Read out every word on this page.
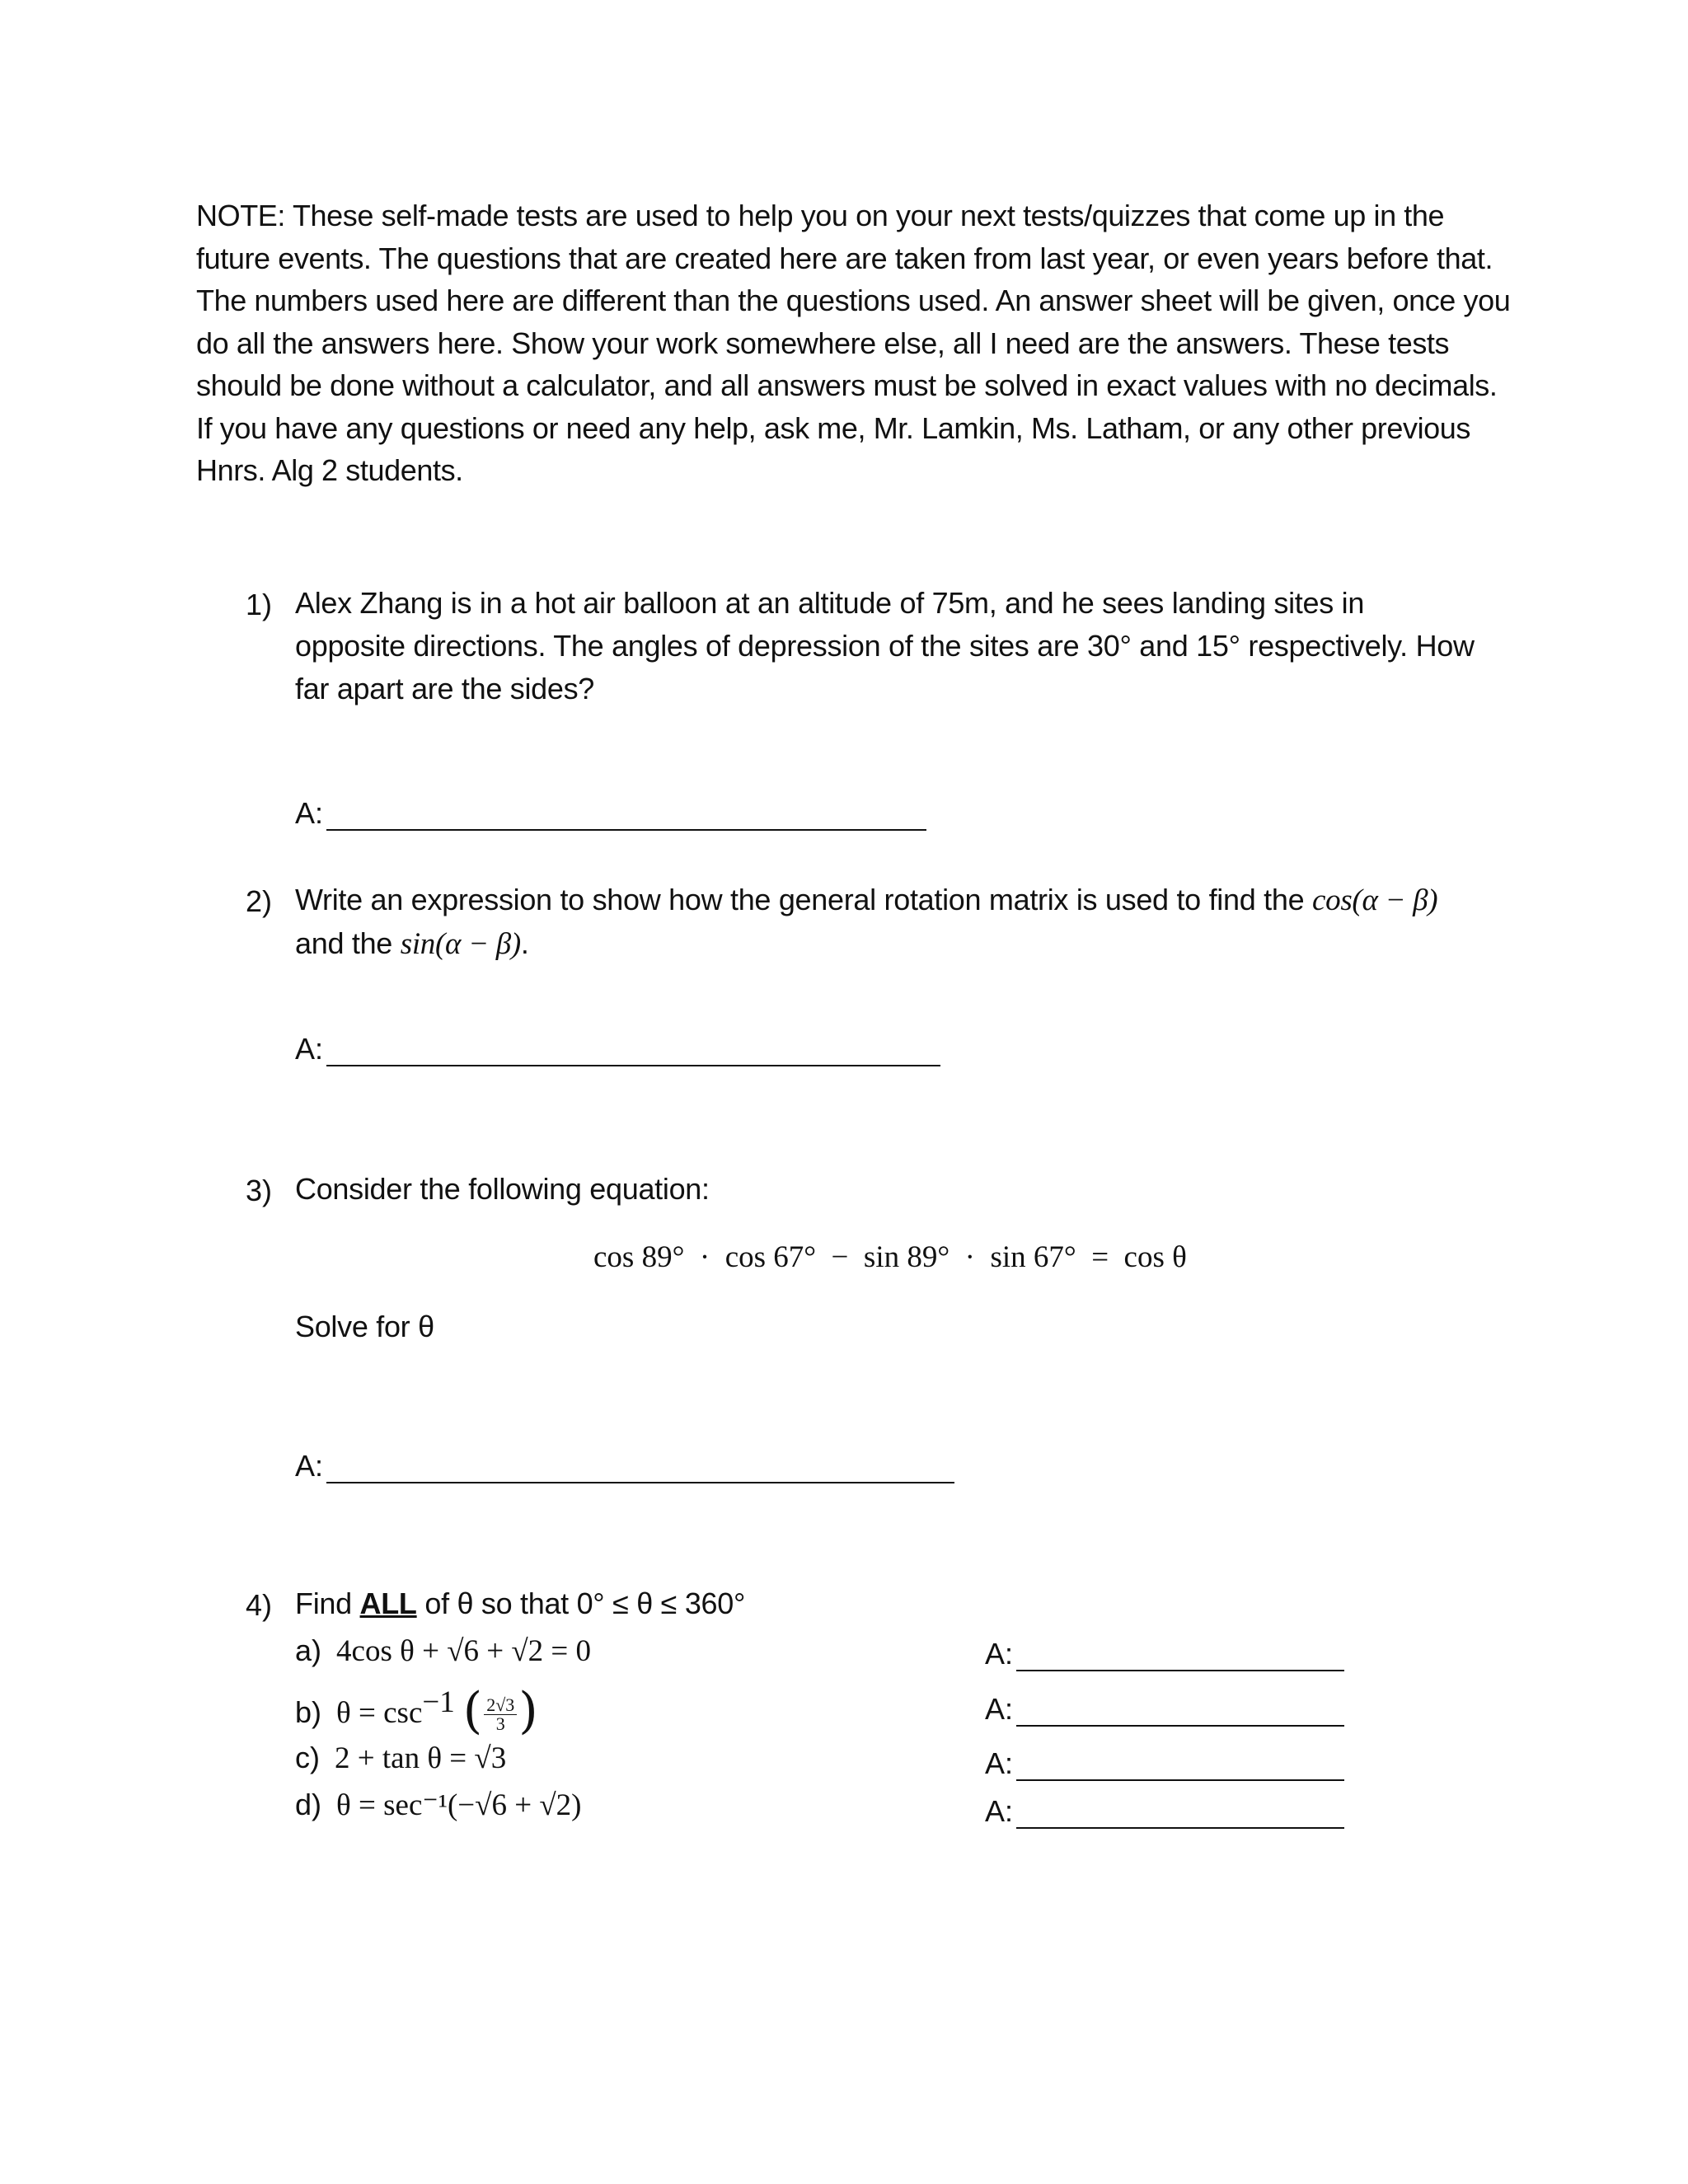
NOTE: These self-made tests are used to help you on your next tests/quizzes that come up in the future events. The questions that are created here are taken from last year, or even years before that. The numbers used here are different than the questions used. An answer sheet will be given, once you do all the answers here. Show your work somewhere else, all I need are the answers. These tests should be done without a calculator, and all answers must be solved in exact values with no decimals. If you have any questions or need any help, ask me, Mr. Lamkin, Ms. Latham, or any other previous Hnrs. Alg 2 students.
1) Alex Zhang is in a hot air balloon at an altitude of 75m, and he sees landing sites in opposite directions. The angles of depression of the sites are 30° and 15° respectively. How far apart are the sides?
A:
2) Write an expression to show how the general rotation matrix is used to find the cos(α − β) and the sin(α − β).
A:
3) Consider the following equation:
cos 89°  ·  cos 67°  −  sin 89°  ·  sin 67°  =  cos θ
Solve for θ
A:
4) Find ALL of θ so that 0° ≤ θ ≤ 360°
a) 4cos θ + √6 + √2 = 0
b) $\theta = \csc^{-1}$ ( $\frac{2√3}{3}$ )
c) 2 + tan θ = √3
d) θ = sec⁻¹(−√6 + √2)
A:
A:
A:
A:
